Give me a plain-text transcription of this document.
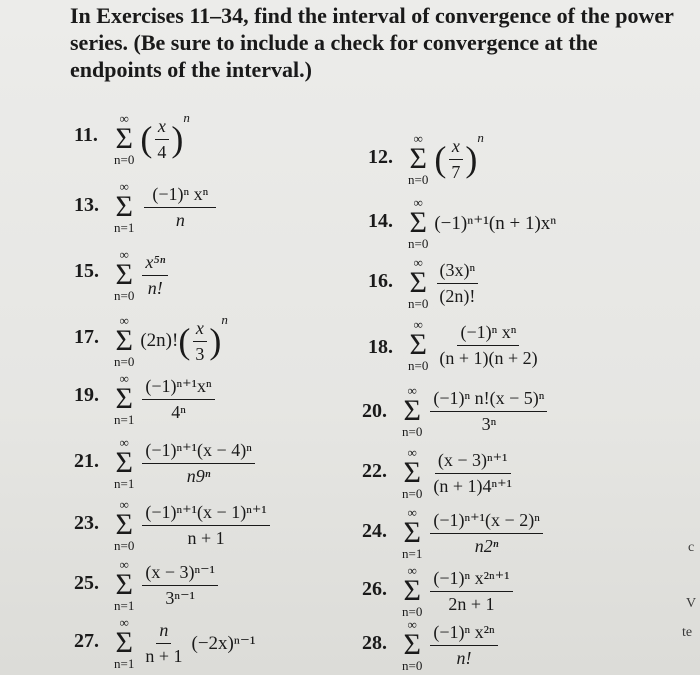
In Exercises 11–34, find the interval of convergence of the power series. (Be sure to include a check for convergence at the endpoints of the interval.)

11.
∞
Σ
n=0
( $\frac{x}{4}$ )
n
12.
∞
Σ
n=0
( $\frac{x}{7}$ )
n
13.
∞
Σ
$n=1 \frac{\text{(−1)ⁿ xⁿ}}{n}$	14.
∞
Σ
n=0
(−1)ⁿ⁺¹(n + 1)xⁿ
15.
∞
Σ
$n=0 \frac{\text{x⁵ⁿ}}{n!}$	16.
∞
Σ
$n=0 \frac{\text{(3x)ⁿ}}{(2n)!}$
17.
∞
Σ
n=0
(2n)! ( $\frac{x}{3}$ )
n
18.
∞
Σ
$n=0 \frac{\text{(−1)ⁿ xⁿ}}{(n + 1)(n + 2)}$
19.
∞
Σ
$n=1 \frac{\text{(−1)ⁿ⁺¹xⁿ}}{\text{4ⁿ}}$	20.
∞
Σ
$n=0 \frac{\text{(−1)ⁿ n!(x − 5)ⁿ}}{\text{3ⁿ}}$
21.
∞
Σ
$n=1 \frac{\text{(−1)ⁿ⁺¹(x − 4)ⁿ}}{\text{n9ⁿ}}$	22.
∞
Σ
$n=0 \frac{\text{(x − 3)ⁿ⁺¹}}{\text{(n + 1)4ⁿ⁺¹}}$
23.
∞
Σ
$n=0 \frac{\text{(−1)ⁿ⁺¹(x − 1)ⁿ⁺¹}}{n + 1}$	24.
∞
Σ
$n=1 \frac{\text{(−1)ⁿ⁺¹(x − 2)ⁿ}}{\text{n2ⁿ}}$
25.
∞
Σ
$n=1 \frac{\text{(x − 3)ⁿ⁻¹}}{\text{3ⁿ⁻¹}}$	26.
∞
Σ
$n=0 \frac{\text{(−1)ⁿ x²ⁿ⁺¹}}{2n + 1}$
27.
∞
Σ
$n=1 \frac{n}{n + 1} (-2x)^{n-1}$	28.
∞
Σ
$n=0 \frac{\text{(−1)ⁿ x²ⁿ}}{n!}$
c
V
te
